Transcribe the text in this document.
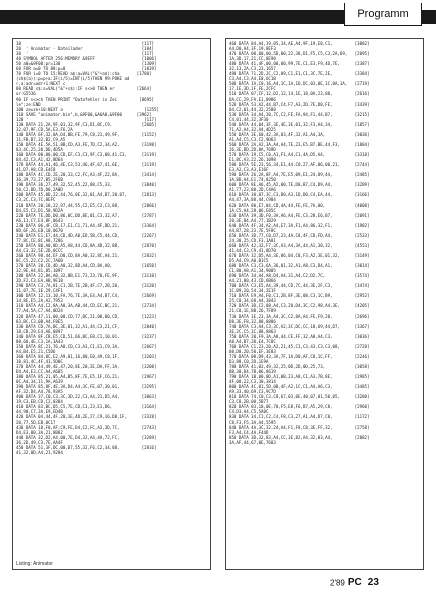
Programm
10                                                 [117]
20  ' Animator - Dateilader                        [184]
30  '                                              [117]
40 SYMBOL AFTER 256:MEMORY &9EFF                   [1006]
50 a0=&9F00:pr=130                                 [1309]
60 FOR a=0 TO 88:p=0                               [1039]
70 FOR i=0 TO 15:READ a$:a=VAL("&"+a$):cha       [1780]
(ch$(a)):p=p+a:IF(i/5)=INT(i/5)THEN 99:POKE ad
r,a:adr=adr+1:NEXT c
80 READ s$:s=VAL("&"+s$):IF s<>0 THEN er         [2664]
or:G5536
90 IF s<>ch THEN PRINT "Datafehler in Zei         [8695]
le";ze:END
100 ze=ze+10:NEXT a                                 [1255]
110 SAVE "animator.bin",b,&9F00,&A6A0,&9F00      [3962]
120 '                                               [117]
130 DATA 21,2A,9F,01,32,9F,C3,D1,BC,C9,            [2605]
32,07,9F,CD,5A,E3,F6,2A
140 DATA 6F,32,0A,D4,BB,FE,79,C8,21,49,9F,         [1152]
11,FB,B7,32,B2,C9,A5
150 DATA 4E,5A,51,8B,CD,A3,FE,7D,C2,34,A2,         [3198]
83,4C,25,20,DD,4D5A
160 DATA 00,00,00,CD,EF,C3,C3,9F,C3,08,41,C3,      [3119]
84,42,C3,A1,42,8D64
170 DATA 44,A1,46,4E,C3,53,46,4F,67,41,6E,         [3119]
41,D7,A8,CD,E4C8
180 DATA 4C,CD,2E,20,33,C2,FC,A3,4F,22,8A,         [3414]
36,39,73,27,B5,2F6B
190 DATA 36,27,49,32,52,45,22,88,C5,33,            [3840]
50,C2,DD,7D,D0,2A0D
200 DATA 45,0D,22,44,76,0E,32,01,A4,B7,20,07,      [2813]
C3,2C,C3,7C,8EFC
210 DATA 20,18,22,97,44,55,C2,E5,C3,C3,88,         [2866]
D4,E5,C3,D1,50,9D2A
220 DATA 7E,DD,D0,86,0C,DD,8E,01,C3,32,A7,         [2787]
A6,11,C7,E4,8F,0643
230 DATA 06,4F,CB,17,E1,C1,71,A4,4F,DD,21,         [3364]
8D,6F,26,EB,10,0670
240 DATA E1,E7,44,CD,4D,A0,ED,5B,C5,44,CD,         [2267]
77,8C,CE,8C,A8,7286
250 DATA 80,A0,8D,A5,A8,44,CD,8A,4D,32,8B,         [2870]
A4,C3,32,5E,2D,0CCC
260 DATA 98,44,EF,D0,CD,8A,A0,32,8C,A4,21,         [2832]
8C,C5,22,C2,2C,7A6B
270 DATA 20,CD,4D,A0,32,8D,A4,CD,8A,A0,            [1650]
32,9E,A4,81,85,1097
280 DATA 22,8A,A0,32,8B,E1,73,23,70,FE,9F,         [3110]
2D,F2,C3,EA,AB,9E18
290 DATA C3,7A,81,C1,2B,7E,2B,4F,C7,2B,20,         [3120]
11,07,7E,1E,29,C4F1
300 DATA 12,13,10,FA,76,7E,3A,E4,A4,B7,C4,         [2669]
14,8E,E5,2A,A2,7953
310 DATA A4,C2,8A,A0,3A,AB,44,CD,EC,BC,21,         [2734]
77,A4,5A,C7,A4,0D24
320 DATA 47,11,00,00,CD,77,BC,21,00,00,CD,         [1223]
83,BC,C3,0B,A4,F8E5
330 DATA CD,7A,BC,3E,01,32,A1,44,C3,21,CF,         [2840]
18,CB,29,E4,A6,0897
340 DATA 8F,CB,E5,CD,51,66,BC,E0,C1,10,01,         [3237]
80,60,4E,C3,1A,3A43
350 DATA 8C,21,76,A0,CD,C3,A3,C1,E1,C9,3A,         [2667]
A4,B4,E5,21,C5D6
360 DATA 84,8C,E2,A9,01,16,80,E0,49,C8,1F,         [3203]
10,81,4C,4F,41,5D0C
370 DATA 44,49,4E,47,20,8E,20,2E,DA,FF,3A,         [3208]
D4,A4,E3,CC,A4,A605
380 DATA 85,21,05,A4,B5,8F,7E,E5,1F,C6,21,         [2967]
0C,A4,34,11,9A,A639
390 DATA 85,8F,4E,3A,D4,A4,3C,FE,07,30,01,         [3295]
AF,32,D4,A4,78,93A5
400 DATA 37,C0,C3,3C,3D,22,C3,A4,21,D5,A4,         [3063]
19,C3,EB,CD,C2,0384
410 DATA 83,BC,D5,C5,7E,CD,C3,23,E1,D6,            [3164]
44,90,C7,3A,E9,ED4B
420 DATA 04,44,4F,20,1E,4D,2E,27,C9,16,D8,1F,      [3328]
20,77,5D,EB,0C17
430 DATA 10,F0,AF,C9,FE,D4,C2,FC,A3,3D,7C,         [2743]
D4,E3,00,3A,21,8B82
440 DATA 32,D2,A4,00,7E,D4,32,A4,4A,72,FC,         [3289]
36,2D,49,C3,7E,AA4F
450 DATA 51,3F,DC,00,D7,55,32,F6,C2,34,88,         [2816]
41,32,8D,A4,21,9284
Listing: Animator
460 DATA 84,A4,19,05,34,AE,A4,9F,19,E8,C1,         [3082]
A4,D0,A4,3F,19,8EF3
470 DATA 00,00,00,5D,00,22,38,D1,F5,C5,C3,2A,69,   [2095]
1A,3D,17,21,CC,8E90
480 DATA 41,4F,00,00,00,99,7E,C1,E3,F9,4D,7E,      [2387]
32,13,2A,C3,23,1657
490 DATA 71,2D,2C,C2,09,C1,E1,C1,3C,7E,2E,         [3384]
C3,A4,C3,A4,E0,6C1B
500 DATA 1A,C0,16,A4,1C,1A,1D,DC,03,0E,1C,0A,1A,   [2719]
17,1E,3D,1F,FE,2CFC
510 DATA 07,CF,12,D2,12,14,1E,18,0A,23,08,         [2616]
DA,CC,29,FA,E1,0986
520 DATA 53,A2,44,B7,C4,F7,A3,2D,7E,D0,FE,         [3439]
04,C2,01,44,32,2580
530 DATA 34,A4,20,7C,C2,FE,FA,94,F1,44,B7,         [3215]
C4,01,44,32,3F30
540 DATA 44,04,3F,3E,4E,3E,01,32,F3,A4,34,         [1857]
71,A2,A4,32,A4,4D25
550 DATA 3E,60,42,3A,83,4F,32,A1,A4,3A,            [3036]
A1,A4,C5,C3,C2,9D63
560 DATA 2A,A2,3A,A4,A4,7E,23,E5,B7,BE,44,F3,      [1804]
26,3E,DD,2D,8A,769D
570 DATA 19,C5,C0,A1,F1,A4,C1,4A,D5,A4,            [3318]
E1,8C,A3,22,26,1098
580 DATA 5E,23,56,34,E1,44,C8,27,AF,06,00,21,      [2744]
E3,A2,C3,A3,E16F
590 DATA 26,2A,8F,A4,7E,E5,09,E1,24,89,44,         [2485]
3A,8D,A4,E1,74,8250
600 DATA 8E,A6,45,A2,00,7E,D0,B7,C4,D9,A4,         [3289]
A1,77,23,80,2D,C4A6
610 DATA 30,07,3C,C3,D0,A3,1D,D0,C4,EA,44,         [3166]
A4,47,3A,88,44,C904
620 DATA 80,E7,84,CD,4A,44,FE,FE,7A,00,            [4008]
1A,C5,A4,28,06,E05C
630 DATA 39,3D,F0,3A,A6,A4,FE,C3,28,E6,B7,         [2091]
20,3E,84,A4,77,1B29
640 DATA 4F,34,A2,A4,E7,3A,F1,A4,86,32,F1,         [1982]
A4,B7,28,23,7E,5F8C
650 DATA 3D,77,C0,D7,23,4A,C8,4F,CD,FD,A4,         [2533]
24,30,25,CD,F3,1A01
660 DATA 42,32,F7,3C,A3,A4,3A,44,A1,30,32,         [4553]
41,44,C3,C9,41,8D70
670 DATA 32,D5,A4,3E,86,04,C8,F3,A2,3E,01,32,      [3149]
D5,A4,C9,A0,B1C5
680 DATA C3,C3,6A,36,01,32,A1,A8,C3,D4,A1,         [3014]
C1,80,A8,A1,34,9005
690 DATA 34,A4,A8,D4,A4,31,A4,C2,D2,7C,            [3574]
A4,21,00,43,CD,6B66
700 DATA C3,E5,A4,39,44,CD,7C,44,3E,2F,C3,         [3474]
1C,B9,20,54,34,2E1F
710 DATA E9,A4,F0,C1,2B,8F,3E,08,C3,1C,B9,         [2952]
25,C0,34,68,A4,3843
720 DATA 3D,C2,88,A4,C3,20,D4,3C,C2,98,A4,3E,      [4205]
21,C0,1E,8B,26,7F89
730 DATA 1E,23,3A,A4,3C,C2,8A,A4,FE,F9,20,         [2696]
D8,3E,F8,32,88,8806
740 DATA C3,A4,C3,3C,A2,3C,DC,CC,18,69,44,D7,      [3367]
3E,2C,C5,1C,88,8863
750 DATA 20,F9,3A,A8,44,CE,FF,32,A8,A4,C3,         [3036]
A8,A4,B7,20,E4,7C8C
760 DATA C1,23,20,A2,21,45,C3,C3,43,C3,C3,08,      [2728]
08,D0,20,50,EF,3E83
770 DATA 08,D9,43,3A,7F,1A,D0,AF,C8,1C,FF,         [2246]
D3,88,C0,2D,1E9A
780 DATA 41,03,49,32,25,0D,2D,0D,25,73,            [3058]
8B,30,D4,7B,06,8619
790 DATA 1B,00,0D,A1,0B,23,A8,C1,A3,7B,8E,         [2985]
4F,08,22,C3,30,3814
800 DATA 4C,01,5D,0B,4F,A2,1C,C1,A4,A6,C3,         [3485]
A9,33,40,69,C3,9C7D
810 DATA 74,C0,C3,C8,67,03,0E,40,07,01,50,05,      [3280]
C3,C8,2B,00,5B77
820 DATA 03,18,0E,70,F5,E8,F6,B7,A5,29,C8,         [2960]
C4,D3,A4,C5,5A0C
830 DATA 34,C1,C2,C4,F8,C3,27,A1,A4,D7,C0,         [1172]
C8,F3,F5,3A,A4,5595
840 DATA 4A,3C,32,24,A4,F1,F8,C8,3E,FF,32,         [2758]
F3,A4,C4,4A,F44D
850 DATA 3D,32,83,A4,CC,3E,82,A4,32,83,A4,         [2882]
3A,AF,44,67,0E,7603
2'89 PC 23
